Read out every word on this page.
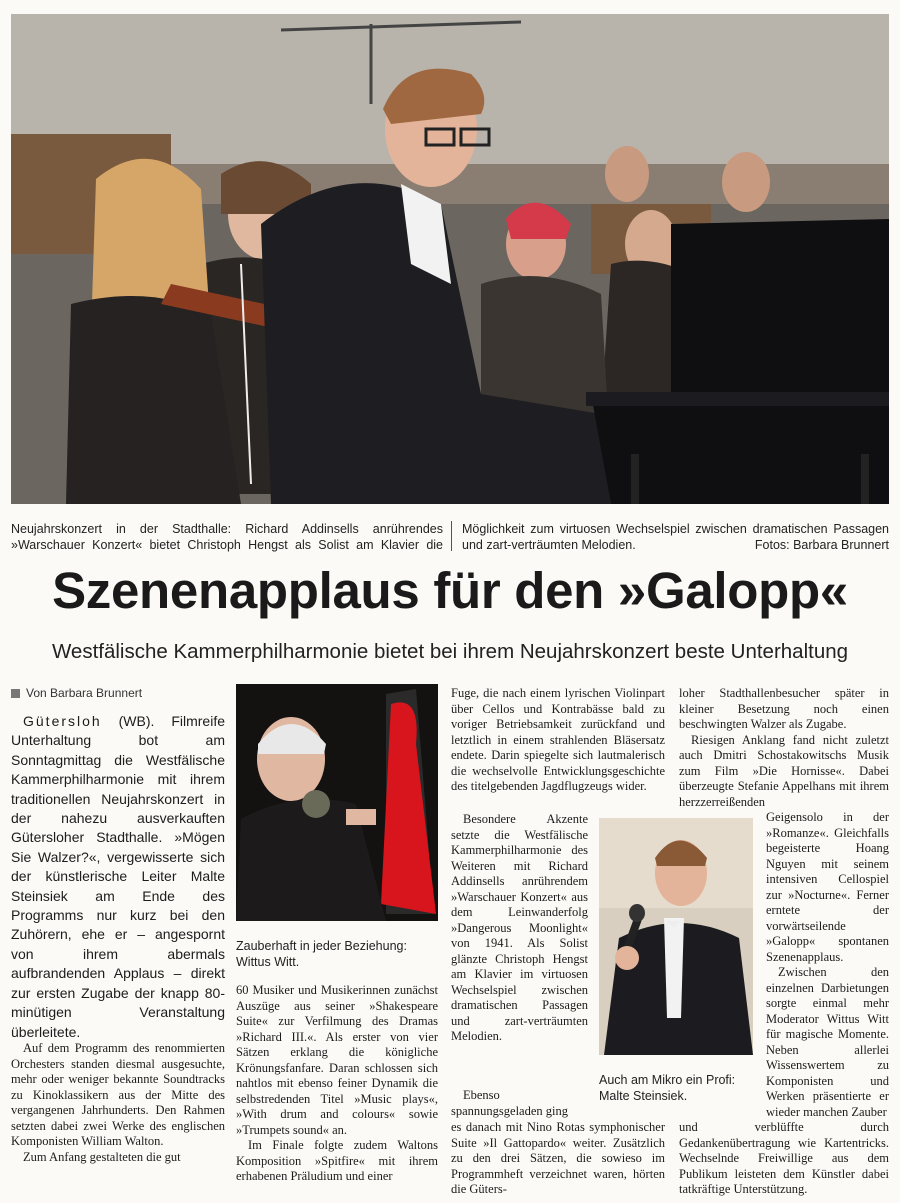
Neujahrskonzert in der Stadthalle: Richard Addinsells anrührendes »Warschauer Konzert« bietet Christoph Hengst als Solist am Klavier die
Möglichkeit zum virtuosen Wechselspiel zwischen dramatischen Passagen und zart-verträumten Melodien.	Fotos: Barbara Brunnert
Szenenapplaus für den »Galopp«
Westfälische Kammerphilharmonie bietet bei ihrem Neujahrskonzert beste Unterhaltung
Von Barbara Brunnert
Gütersloh (WB). Filmreife Unterhaltung bot am Sonntagmittag die Westfälische Kammerphilharmonie mit ihrem traditionellen Neujahrskonzert in der nahezu ausverkauften Gütersloher Stadthalle. »Mögen Sie Walzer?«, vergewisserte sich der künstlerische Leiter Malte Steinsiek am Ende des Programms nur kurz bei den Zuhörern, ehe er – angespornt von ihrem abermals aufbrandenden Applaus – direkt zur ersten Zugabe der knapp 80-minütigen Veranstaltung überleitete.

Auf dem Programm des renommierten Orchesters standen diesmal ausgesuchte, mehr oder weniger bekannte Soundtracks zu Kinoklassikern aus der Mitte des vergangenen Jahrhunderts. Den Rahmen setzten dabei zwei Werke des englischen Komponisten William Walton.

Zum Anfang gestalteten die gut

Zauberhaft in jeder Beziehung: Wittus Witt.

60 Musiker und Musikerinnen zunächst Auszüge aus seiner »Shakespeare Suite« zur Verfilmung des Dramas »Richard III.«. Als erster von vier Sätzen erklang die königliche Krönungsfanfare. Daran schlossen sich nahtlos mit ebenso feiner Dynamik die selbstredenden Titel »Music plays«, »With drum and colours« sowie »Trumpets sound« an.

Im Finale folgte zudem Waltons Komposition »Spitfire« mit ihrem erhabenen Präludium und einer

Fuge, die nach einem lyrischen Violinpart über Cellos und Kontrabässe bald zu voriger Betriebsamkeit zurückfand und letztlich in einem strahlenden Bläsersatz endete. Darin spiegelte sich lautmalerisch die wechselvolle Entwicklungsgeschichte des titelgebenden Jagdflugzeugs wider.

Besondere Akzente setzte die Westfälische Kammerphilharmonie des Weiteren mit Richard Addinsells anrührendem »Warschauer Konzert« aus dem Leinwanderfolg »Dangerous Moonlight« von 1941. Als Solist glänzte Christoph Hengst am Klavier im virtuosen Wechselspiel zwischen dramatischen Passagen und zart-verträumten Melodien.

Ebenso spannungsgeladen ging

es danach mit Nino Rotas symphonischer Suite »Il Gattopardo« weiter. Zusätzlich zu den drei Sätzen, die sowieso im Programmheft verzeichnet waren, hörten die Güters-

Auch am Mikro ein Profi: Malte Steinsiek.

loher Stadthallenbesucher später in kleiner Besetzung noch einen beschwingten Walzer als Zugabe.

Riesigen Anklang fand nicht zuletzt auch Dmitri Schostakowitschs Musik zum Film »Die Hornisse«. Dabei überzeugte Stefanie Appelhans mit ihrem herzzerreißenden

Geigensolo in der »Romanze«. Gleichfalls begeisterte Hoang Nguyen mit seinem intensiven Cellospiel zur »Nocturne«. Ferner erntete der vorwärtseilende »Galopp« spontanen Szenenapplaus.

Zwischen den einzelnen Darbietungen sorgte einmal mehr Moderator Wittus Witt für magische Momente. Neben allerlei Wissenswertem zu Komponisten und Werken präsentierte er wieder manchen Zauber

und verblüffte durch Gedankenübertragung wie Kartentricks. Wechselnde Freiwillige aus dem Publikum leisteten dem Künstler dabei tatkräftige Unterstützung.
